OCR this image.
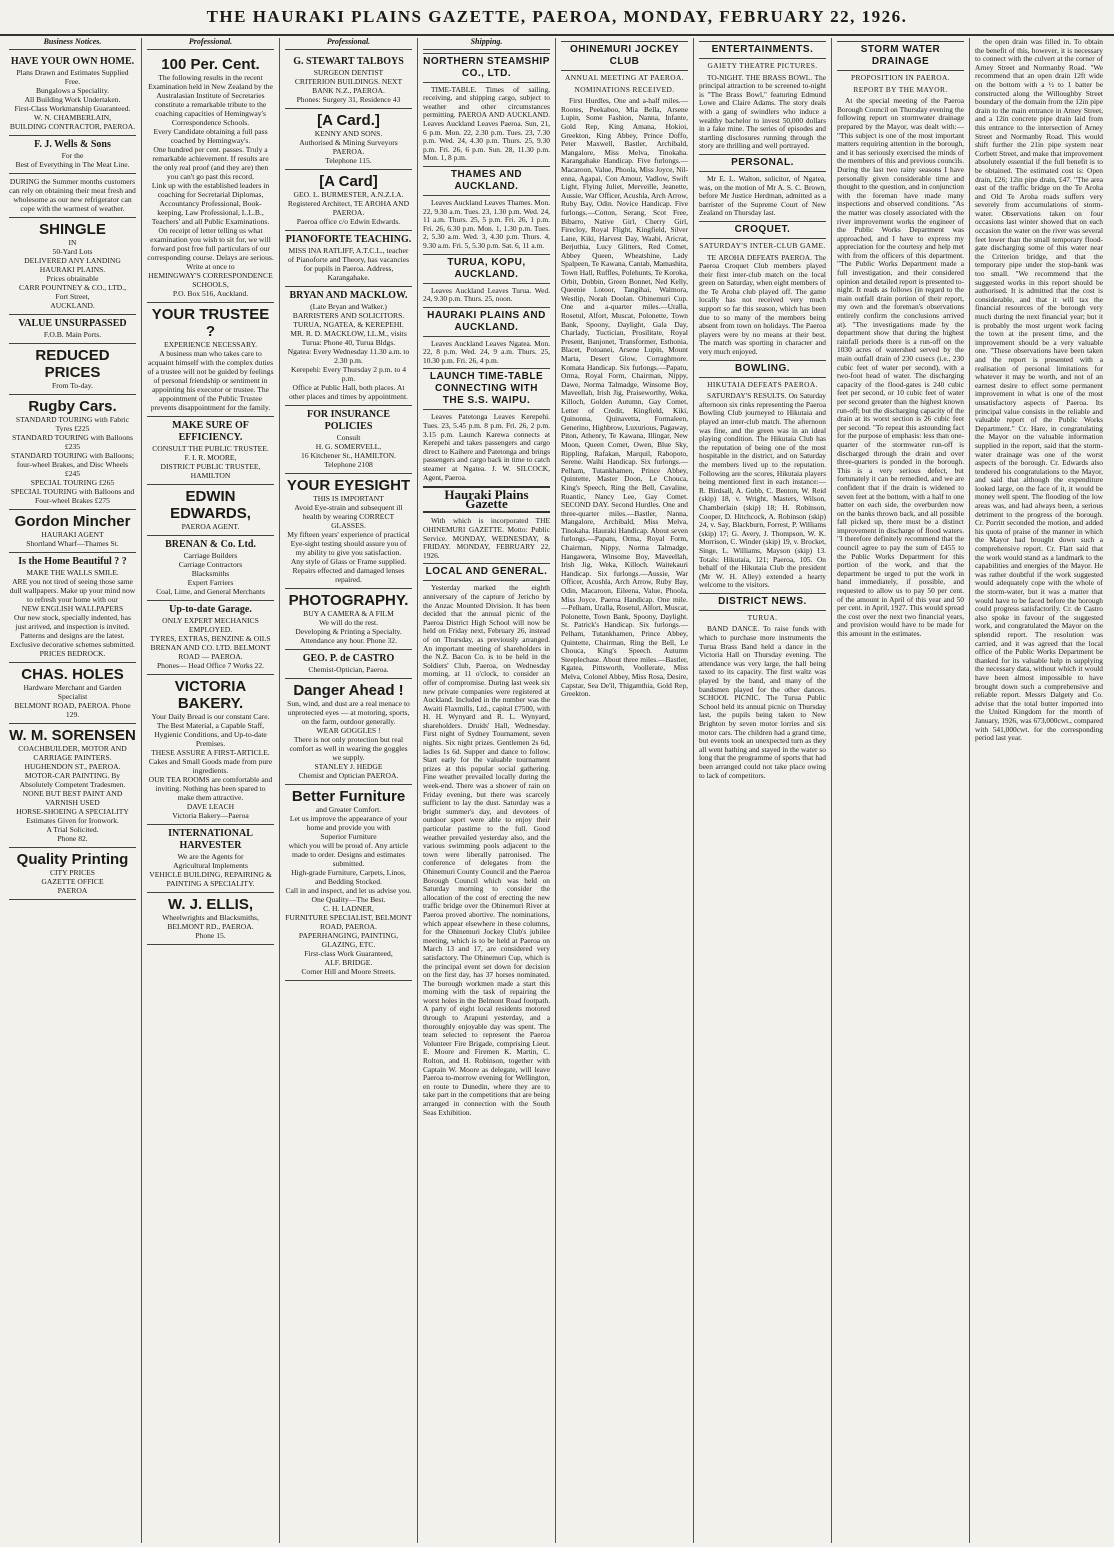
THE HAURAKI PLAINS GAZETTE, PAEROA, MONDAY, FEBRUARY 22, 1926.
Business Notices.
HAVE YOUR OWN HOME.
Plans Drawn and Estimates Supplied Free.
Bungalows a Speciality.
All Building Work Undertaken.
First-Class Workmanship Guaranteed.
W. N. CHAMBERLAIN,
BUILDING CONTRACTOR, PAEROA.
F. J. Wells & Sons
For the
Best of Everything in The Meat Line.
DURING the Summer months customers can rely on obtaining their meat fresh and wholesome as our new refrigerator can cope with the warmest of weather.
SHINGLE
IN
50-Yard Lots
DELIVERED ANY LANDING HAURAKI PLAINS.
Prices obtainable
CARR POUNTNEY & CO., LTD.,
Fort Street,
AUCKLAND.
VALUE UNSURPASSED
F.O.B. Main Ports.
REDUCED PRICES
From To-day.
Rugby Cars.
STANDARD TOURING with Fabric Tyres £225
STANDARD TOURING with Balloons £235
STANDARD TOURING with Balloons; four-wheel Brakes, and Disc Wheels £245
SPECIAL TOURING £265
SPECIAL TOURING with Balloons and Four-wheel Brakes £275
Gordon Mincher
HAURAKI AGENT
Shortland Wharf—Thames St.
Is the Home Beautiful ? ?
MAKE THE WALLS SMILE.
ARE you not tired of seeing those same dull wallpapers. Make up your mind now to refresh your home with our
NEW ENGLISH WALLPAPERS
Our new stock, specially indented, has just arrived, and inspection is invited. Patterns and designs are the latest. Exclusive decorative schemes submitted.
PRICES BEDROCK.
CHAS. HOLES
Hardware Merchant and Garden Specialist
BELMONT ROAD, PAEROA. Phone 129.
W. M. SORENSEN
COACHBUILDER, MOTOR AND CARRIAGE PAINTERS. HUGHENDON ST., PAEROA.
MOTOR-CAR PAINTING. By Absolutely Competent Tradesmen.
NONE BUT BEST PAINT AND VARNISH USED
HORSE-SHOEING A SPECIALITY
Estimates Given for Ironwork.
A Trial Solicited.
Phone 82.
Quality Printing
CITY PRICES
GAZETTE OFFICE
PAEROA
Professional.
100 Per. Cent.
The following results in the recent Examination held in New Zealand by the Australasian Institute of Secretaries constitute a remarkable tribute to the coaching capacities of Hemingway's Correspondence Schools.
Every Candidate obtaining a full pass coached by Hemingway's.
One hundred per cent. passes. Truly a remarkable achievement. If results are the only real proof (and they are) then you can't go past this record.
Link up with the established leaders in coaching for Secretarial Diplomas, Accountancy Professional, Book-keeping, Law Professional, L.L.B., Teachers' and all Public Examinations.
On receipt of letter telling us what examination you wish to sit for, we will forward post free full particulars of our corresponding course. Delays are serious. Write at once to
HEMINGWAY'S CORRESPONDENCE SCHOOLS,
P.O. Box 516, Auckland.
YOUR TRUSTEE ?
EXPERIENCE NECESSARY.
A business man who takes care to acquaint himself with the complex duties of a trustee will not be guided by feelings of personal friendship or sentiment in appointing his executor or trustee. The appointment of the Public Trustee prevents disappointment for the family.
MAKE SURE OF EFFICIENCY.
CONSULT THE PUBLIC TRUSTEE.
F. I. R. MOORE,
DISTRICT PUBLIC TRUSTEE, HAMILTON
EDWIN EDWARDS,
PAEROA AGENT.
BRENAN & Co. Ltd.
Carriage Builders
Carriage Contractors
Blacksmiths
Expert Farriers
Coal, Lime, and General Merchants
Up-to-date Garage.
ONLY EXPERT MECHANICS EMPLOYED.
TYRES, EXTRAS, BENZINE & OILS
BRENAN AND CO. LTD. BELMONT ROAD — PAEROA.
Phones— Head Office 7 Works 22.
VICTORIA BAKERY.
Your Daily Bread is our constant Care.
The Best Material, a Capable Staff, Hygienic Conditions, and Up-to-date Premises.
THESE ASSURE A FIRST-ARTICLE.
Cakes and Small Goods made from pure ingredients.
OUR TEA ROOMS are comfortable and inviting. Nothing has been spared to make them attractive.
DAVE LEACH
Victoria Bakery—Paeroa
INTERNATIONAL HARVESTER
We are the Agents for
Agricultural Implements
VEHICLE BUILDING, REPAIRING & PAINTING A SPECIALITY.
W. J. ELLIS,
Wheelwrights and Blacksmiths,
BELMONT RD., PAEROA.
Phone 15.
Professional.
G. STEWART TALBOYS
SURGEON DENTIST
CRITERION BUILDINGS. NEXT BANK N.Z., PAEROA.
Phones: Surgery 31, Residence 43
[A Card.]
KENNY AND SONS.
Authorised & Mining Surveyors PAEROA.
Telephone 115.
[A Card]
GEO. L. BURMESTER, A.N.Z.I.A.
Registered Architect, TE AROHA AND PAEROA.
Paeroa office c/o Edwin Edwards.
PIANOFORTE TEACHING.
MISS INA RATLIFF, A.T.C.L., teacher of Pianoforte and Theory, has vacancies for pupils in Paeroa. Address, Karangahake.
BRYAN AND MACKLOW.
(Late Bryan and Walker.)
BARRISTERS AND SOLICITORS.
TURUA, NGATEA, & KEREPEHI.
MR. R. D. MACKLOW, LL.M., visits
Turua: Phone 40, Turua Bldgs.
Ngatea: Every Wednesday 11.30 a.m. to 2.30 p.m.
Kerepehi: Every Thursday 2 p.m. to 4 p.m.
Office at Public Hall, both places. At other places and times by appointment.
FOR INSURANCE POLICIES
Consult
H. G. SOMERVELL,
16 Kitchener St., HAMILTON.
Telephone 2108
YOUR EYESIGHT
THIS IS IMPORTANT
Avoid Eye-strain and subsequent ill health by wearing CORRECT GLASSES.
My fifteen years' experience of practical Eye-sight testing should assure you of my ability to give you satisfaction.
Any style of Glass or Frame supplied.
Repairs effected and damaged lenses repaired.
PHOTOGRAPHY.
BUY A CAMERA & A FILM
We will do the rest.
Developing & Printing a Specialty.
Attendance any hour. Phone 32.
GEO. P. de CASTRO
Chemist-Optician, Paeroa.
Danger Ahead !
Sun, wind, and dust are a real menace to unprotected eyes — at motoring, sports, on the farm, outdoor generally.
WEAR GOGGLES !
There is not only protection but real comfort as well in wearing the goggles we supply.
STANLEY J. HEDGE
Chemist and Optician PAEROA.
Better Furniture
and Greater Comfort.
Let us improve the appearance of your home and provide you with
Superior Furniture
which you will be proud of. Any article made to order. Designs and estimates submitted.
High-grade Furniture, Carpets, Linos, and Bedding Stocked.
Call in and inspect, and let us advise you.
One Quality—The Best.
C. H. LADNER,
FURNITURE SPECIALIST, BELMONT ROAD, PAEROA.
PAPERHANGING, PAINTING, GLAZING, ETC.
First-class Work Guaranteed,
ALF. BRIDGE.
Corner Hill and Moore Streets.
Shipping.
NORTHERN STEAMSHIP CO., LTD.

TIME-TABLE. Times of sailing, receiving, and shipping cargo, subject to weather and other circumstances permitting. PAEROA AND AUCKLAND. Leaves Auckland Leaves Paeroa. Sun, 21, 6 p.m. Mon. 22, 2.30 p.m. Tues. 23, 7.30 p.m. Wed. 24, 4.30 p.m. Thurs. 25, 9.30 p.m. Fri. 26, 6 p.m. Sun. 28, 11.30 p.m. Mon. 1, 8 p.m.

THAMES AND AUCKLAND.

Leaves Auckland Leaves Thames. Mon. 22, 9.30 a.m. Tues. 23, 1.30 p.m. Wed. 24, 11 a.m. Thurs. 25, 5 p.m. Fri. 26, 1 p.m. Fri. 26, 6.30 p.m. Mon. 1, 1.30 p.m. Tues. 2, 5.30 a.m. Wed. 3, 4.30 p.m. Thurs. 4, 9.30 a.m. Fri. 5, 5.30 p.m. Sat. 6, 11 a.m.

TURUA, KOPU, AUCKLAND.

Leaves Auckland Leaves Turua. Wed. 24, 9.30 p.m. Thurs. 25, noon.

HAURAKI PLAINS AND AUCKLAND.

Leaves Auckland Leaves Ngatea. Mon. 22, 8 p.m. Wed. 24, 9 a.m. Thurs. 25, 10.30 p.m. Fri. 26, 4 p.m.

LAUNCH TIME-TABLE CONNECTING WITH THE S.S. WAIPU.

Leaves Patetonga Leaves Kerepehi. Tues. 23, 5.45 p.m. 8 p.m. Fri. 26, 2 p.m. 3.15 p.m. Launch Karewa connects at Kerepehi and takes passengers and cargo direct to Kaihere and Patetonga and brings passengers and cargo back in time to catch steamer at Ngatea. J. W. SILCOCK, Agent, Paeroa.

Hauraki Plains Gazette

With which is incorporated THE OHINEMURI GAZETTE. Motto: Public Service. MONDAY, WEDNESDAY, & FRIDAY. MONDAY, FEBRUARY 22, 1926.

LOCAL AND GENERAL.

Yesterday marked the eighth anniversary of the capture of Jericho by the Anzac Mounted Division. It has been decided that the annual picnic of the Paeroa District High School will now be held on Friday next, February 26, instead of on Thursday, as previously arranged. An important meeting of shareholders in the N.Z. Bacon Co. is to be held in the Soldiers' Club, Paeroa, on Wednesday morning, at 11 o'clock, to consider an offer of compromise. During last week six new private companies were registered at Auckland. Included in the number was the Awaiti Flaxmills, Ltd., capital £7500, with H. H. Wynyard and R. L. Wynyard, shareholders. Druids' Hall, Wednesday. First night of Sydney Tournament, seven nights. Six night prizes. Gentlemen 2s 6d, ladies 1s 6d. Supper and dance to follow. Start early for the valuable tournament prizes at this popular social gathering. Fine weather prevailed locally during the week-end. There was a shower of rain on Friday evening, but there was scarcely sufficient to lay the dust. Saturday was a bright summer's day, and devotees of outdoor sport were able to enjoy their particular pastime to the full. Good weather prevailed yesterday also, and the various swimming pools adjacent to the town were liberally patronised. The conference of delegates from the Ohinemuri County Council and the Paeroa Borough Council which was held on Saturday morning to consider the allocation of the cost of erecting the new traffic bridge over the Ohinemuri River at Paeroa proved abortive. The nominations, which appear elsewhere in these columns, for the Ohinemuri Jockey Club's jubilee meeting, which is to be held at Paeroa on March 13 and 17, are considered very satisfactory. The Ohinemuri Cup, which is the principal event set down for decision on the first day, has 37 horses nominated. The borough workmen made a start this morning with the task of repairing the worst holes in the Belmont Road footpath. A party of eight local residents motored through to Arapuni yesterday, and a thoroughly enjoyable day was spent. The team selected to represent the Paeroa Volunteer Fire Brigade, comprising Lieut. E. Moore and Firemen K. Martin, C. Rolton, and H. Robinson, together with Captain W. Moore as delegate, will leave Paeroa to-morrow evening for Wellington, en route to Dunedin, where they are to take part in the competitions that are being arranged in connection with the South Seas Exhibition.

OHINEMURI JOCKEY CLUB
ANNUAL MEETING AT PAEROA.
NOMINATIONS RECEIVED.

First Hurdles, One and a-half miles.—Rootes, Peekaboo, Mia Bella, Arsene Lupin, Some Fashion, Nanna, Infante, Gold Rep, King Amana, Hokioi, Greekton, King Abbey, Prince Doffo, Peter Maxwell, Bastler, Archibald, Mangalore, Miss Melva, Tinokaha. Karangahake Handicap. Five furlongs.—Macaroon, Value, Phoola, Miss Joyce, Nil-enna, Agapai, Con Amour, Vadlow, Swift Light, Flying Juliet, Merveille, Jeanette, Aussie, War Officer, Acushla, Arch Arrow, Ruby Bay, Odin. Novice Handicap. Five furlongs.—Cotton, Serang, Scot Free, Bibarro, Native Girl, Cherry Girl, Firecloy, Royal Flight, Kingfield, Silver Lane, Kiki, Harvest Day, Waabi, Aricrat, Berjuthia, Lucy Glitters, Red Comet, Abbey Queen, Wheatshine, Lady Spalpeen, Te Kawana, Cantab, Mamashita, Town Hall, Ruffles, Polehunts, Te Koroka, Orbit, Dobbin, Green Bonnet, Ned Kelly, Queenie Lotoor, Tangihai, Walmora, Westlip, Norah Doolan. Ohinemuri Cup. One and a-quarter miles.—Uralla, Rosetul, Alfort, Muscat, Polonette, Town Bank, Spoony, Daylight, Gala Day, Charlady, Tuctician, Prosilitate, Royal Present, Banjonet, Transformer, Esthonia, Blacet, Potoanei, Arsene Lupin, Mount Marta, Desert Glow, Corraghmore. Komata Handicap. Six furlongs.—Papatu, Orma, Royal Form, Chairman, Nippy, Dawe, Norma Talmadge, Winsome Boy, Maveellah, Irish Jig, Praiseworthy, Weka, Killoch, Golden Autumn, Gay Comet, Letter of Credit, Kingfield, Kiki, Quinonna, Quinavetta, Formaleen, Generino, Highbrow, Luxurious, Pagaway, Piton, Athenry, Te Kawana, Illingar, New Moon, Queen Comet, Owen, Blue Sky, Rippling, Rafakan, Marquil, Rabopoto, Serene. Waihi Handicap. Six furlongs.—Pelham, Tutankhamen, Prince Abbey, Quintette, Master Doon, Le Chouca, King's Speech, Ring the Bell, Cavaline, Ruantic, Nancy Lee, Gay Comet. SECOND DAY. Second Hurdles. One and three-quarter miles.—Bastler, Nanna, Mangalore, Archibald, Miss Melva, Tinokaha. Hauraki Handicap. About seven furlongs.—Papatu, Orma, Royal Form, Chairman, Nippy, Norma Talmadge, Hangawera, Winsome Boy, Maveellah, Irish Jig, Weka, Killoch. Waitekauri Handicap. Six furlongs.—Aussie, War Officer, Acushla, Arch Arrow, Ruby Bay, Odin, Macaroon, Eileena, Value, Phoola, Miss Joyce. Paeroa Handicap. One mile.—Pelham, Uralla, Rosetul, Alfort, Muscat, Polonette, Town Bank, Spoony, Daylight. St. Patrick's Handicap. Six furlongs.—Pelham, Tutankhamen, Prince Abbey, Quintette, Chairman, Ring the Bell, Le Chouca, King's Speech. Autumn Steeplechase. About three miles.—Bastler, Kgatea, Pittsworth, Voollerate, Miss Melva, Colonel Abbey, Miss Rosa, Desire, Capstar, Sea De'il, Thigamthia, Gold Rep, Greekton.

ENTERTAINMENTS.
GAIETY THEATRE PICTURES.

TO-NIGHT. THE BRASS BOWL. The principal attraction to be screened to-night is "The Brass Bowl," featuring Edmund Lowe and Claire Adams. The story deals with a gang of swindlers who induce a wealthy bachelor to invest 50,000 dollars in a fake mine. The series of episodes and startling disclosures running through the story are thrilling and well portrayed.

PERSONAL.

Mr E. L. Walton, solicitor, of Ngatea, was, on the motion of Mr A. S. C. Brown, before Mr Justice Herdman, admitted as a barrister of the Supreme Court of New Zealand on Thursday last.

CROQUET.
SATURDAY'S INTER-CLUB GAME.

TE AROHA DEFEATS PAEROA. The Paeroa Croquet Club members played their first inter-club match on the local green on Saturday, when eight members of the Te Aroha club played off. The game locally has not received very much support so far this season, which has been due to so many of the members being absent from town on holidays. The Paeroa players were by no means at their best. The match was sporting in character and very much enjoyed.

BOWLING.
HIKUTAIA DEFEATS PAEROA.

SATURDAY'S RESULTS. On Saturday afternoon six rinks representing the Paeroa Bowling Club journeyed to Hikutaia and played an inter-club match. The afternoon was fine, and the green was in an ideal playing condition. The Hikutaia Club has the reputation of being one of the most hospitable in the district, and on Saturday the members lived up to the reputation. Following are the scores, Hikutaia players being mentioned first in each instance:— R. Birdsall, A. Gubb, C. Benton, W. Reid (skip) 18, v. Wright, Masters, Wilson, Chamberlain (skip) 18; H. Robinson, Cooper, D. Hitchcock, A. Robinson (skip) 24, v. Say, Blackburn, Forrest, P. Williams (skip) 17; G. Avery, J. Thompson, W. K. Morrison, C. Winder (skip) 19, v. Brocket, Singe, L. Williams, Mayson (skip) 13. Totals: Hikutaia, 121; Paeroa, 105. On behalf of the Hikutaia Club the president (Mr W. H. Alley) extended a hearty welcome to the visitors.

DISTRICT NEWS.
TURUA.

BAND DANCE. To raise funds with which to purchase more instruments the Turua Brass Band held a dance in the Victoria Hall on Thursday evening. The attendance was very large, the hall being taxed to its capacity. The first waltz was played by the band, and many of the bandsmen played for the other dances. SCHOOL PICNIC. The Turua Public School held its annual picnic on Thursday last, the pupils being taken to New Brighton by seven motor lorries and six motor cars. The children had a grand time, but events took an unexpected turn as they all went bathing and stayed in the water so long that the programme of sports that had been arranged could not take place owing to lack of competitors.

STORM WATER DRAINAGE
PROPOSITION IN PAEROA.
REPORT BY THE MAYOR.

At the special meeting of the Paeroa Borough Council on Thursday evening the following report on stormwater drainage prepared by the Mayor, was dealt with:— "This subject is one of the most important matters requiring attention in the borough, and it has seriously exercised the minds of the members of this and previous councils. During the last two rainy seasons I have personally given considerable time and thought to the question, and in conjunction with the foreman have made many inspections and observed conditions. "As the matter was closely associated with the river improvement works the engineer of the Public Works Department was approached, and I have to express my appreciation for the courtesy and help met with from the officers of this department. "The Public Works Department made a full investigation, and their considered opinion and detailed report is presented to-night. It reads as follows (in regard to the main outfall drain portion of their report, my own and the foreman's observations entirely confirm the conclusions arrived at). "The investigations made by the department show that during the highest rainfall periods there is a run-off on the 1030 acres of watershed served by the main outfall drain of 230 cusecs (i.e., 230 cubic feet of water per second), with a two-foot head of water. The discharging capacity of the flood-gates is 240 cubic feet per second, or 10 cubic feet of water per second greater than the highest known run-off; but the discharging capacity of the drain at its worst section is 26 cubic feet per second. "To repeat this astounding fact for the purpose of emphasis: less than one-quarter of the stormwater run-off is discharged through the drain and over three-quarters is ponded in the borough. This is a very serious defect, but fortunately it can be remedied, and we are confident that if the drain is widened to seven feet at the bottom, with a half to one batter on each side, the overburden now on the banks thrown back, and all possible fall picked up, there must be a distinct improvement in discharge of flood waters. "I therefore definitely recommend that the council agree to pay the sum of £455 to the Public Works Department for this portion of the work, and that the department be urged to put the work in hand immediately, if possible, and requested to allow us to pay 50 per cent. of the amount in April of this year and 50 per cent. in April, 1927. This would spread the cost over the next two financial years, and provision would have to be made for this amount in the estimates.

the open drain was filled in. To obtain the benefit of this, however, it is necessary to connect with the culvert at the corner of Arney Street and Normanby Road. "We recommend that an open drain 12ft wide on the bottom with a ½ to 1 batter be constructed along the Willoughby Street boundary of the domain from the 12in pipe drain to the main entrance in Arney Street, and a 12in concrete pipe drain laid from this entrance to the intersection of Arney Street and Normanby Road. This would shift further the 21in pipe system near Corbett Street, and make that improvement absolutely essential if the full benefit is to be obtained. The estimated cost is: Open drain, £26; 12in pipe drain, £47. "The area east of the traffic bridge on the Te Aroha and Old Te Aroha roads suffers very severely from accumulations of storm-water. Observations taken on four occasions last winter showed that on each occasion the water on the river was several feet lower than the small temporary flood-gate discharging some of this water near the Criterion bridge, and that the temporary pipe under the stop-bank was too small. "We recommend that the suggested works in this report should be authorised. It is admitted that the cost is considerable, and that it will tax the financial resources of the borough very much during the next financial year; but it is probably the most urgent work facing the town at the present time, and the improvement should be a very valuable one. "These observations have been taken and the report is presented with a realisation of personal limitations for whatever it may be worth, and not of an earnest desire to effect some permanent improvement in what is one of the most unsatisfactory aspects of Paeroa. Its principal value consists in the reliable and valuable report of the Public Works Department." Cr. Hare, in congratulating the Mayor on the valuable information supplied in the report, said that the storm-water drainage was one of the worst aspects of the borough. Cr. Edwards also tendered his congratulations to the Mayor, and said that although the expenditure looked large, on the face of it, it would be money well spent. The flooding of the low areas was, and had always been, a serious detriment to the progress of the borough. Cr. Porritt seconded the motion, and added his quota of praise of the manner in which the Mayor had brought down such a comprehensive report. Cr. Flatt said that the work would stand as a landmark to the capabilities and energies of the Mayor. He was rather doubtful if the work suggested would adequately cope with the whole of the storm-water, but it was a matter that would have to be faced before the borough could progress satisfactorily. Cr. de Castro also spoke in favour of the suggested work, and congratulated the Mayor on the splendid report. The resolution was carried, and it was agreed that the local office of the Public Works Department be thanked for its valuable help in supplying the necessary data, without which it would have been almost impossible to have brought down such a comprehensive and reliable report. Messrs Dalgety and Co. advise that the total butter imported into the United Kingdom for the month of January, 1926, was 673,000cwt., compared with 541,000cwt. for the corresponding period last year.
